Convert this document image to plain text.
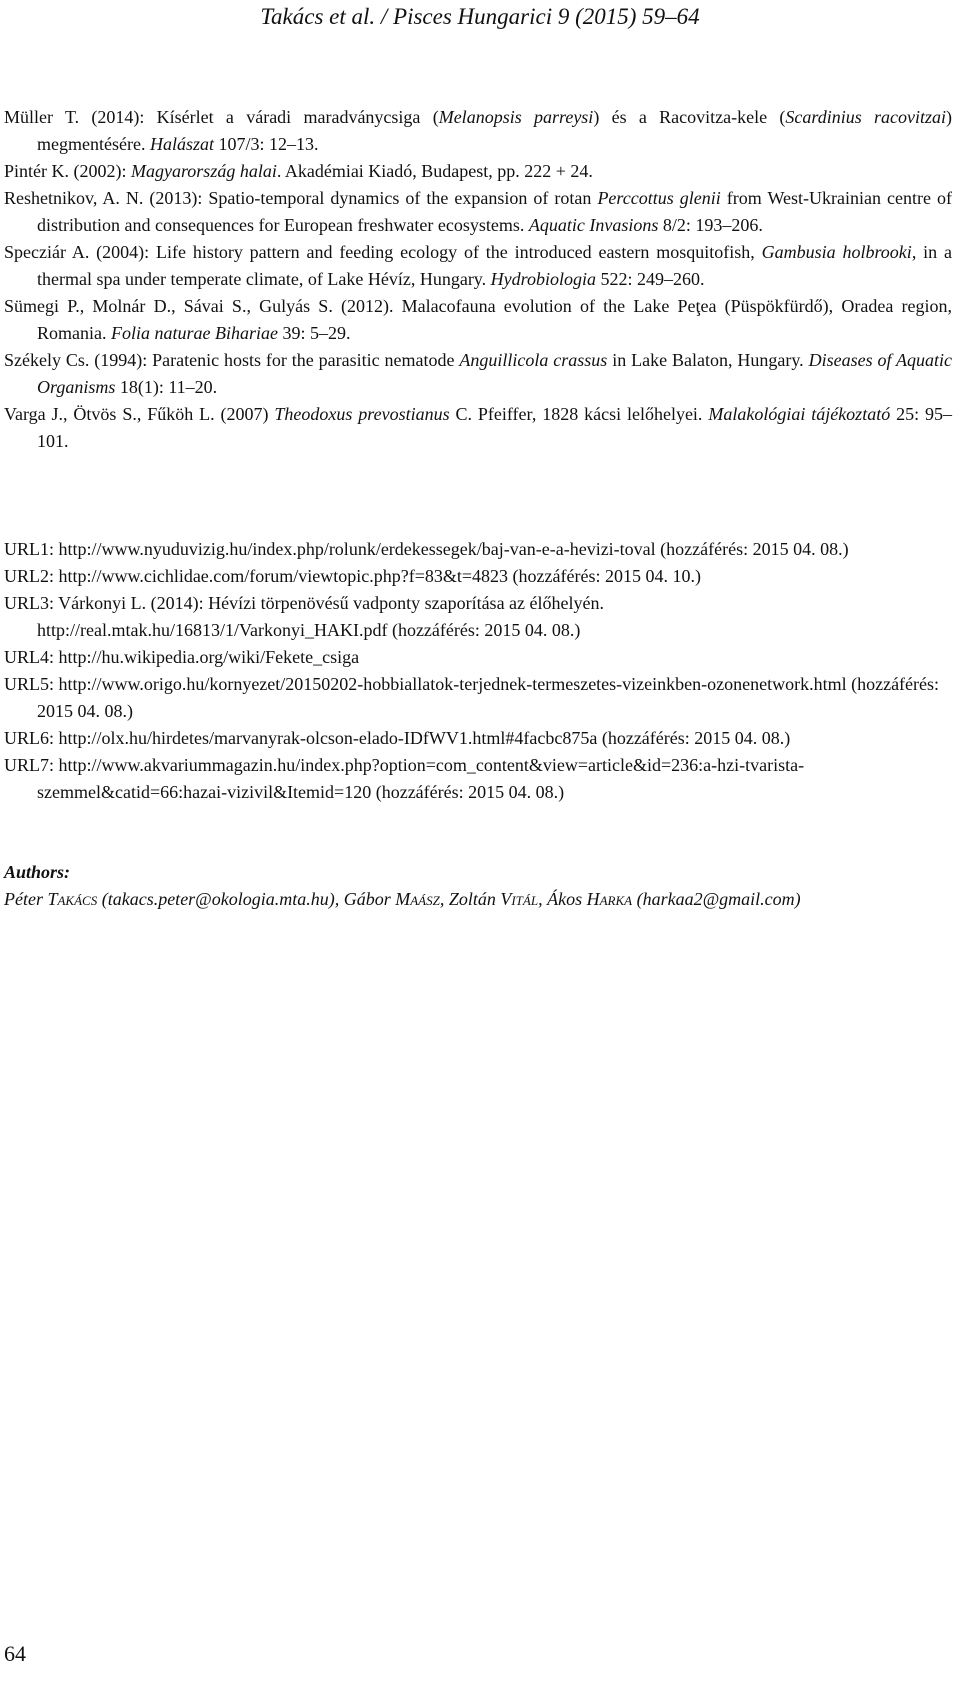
Takács et al. / Pisces Hungarici 9 (2015) 59–64

Müller T. (2014): Kísérlet a váradi maradványcsiga (Melanopsis parreysi) és a Racovitza-kele (Scardinius racovitzai) megmentésére. Halászat 107/3: 12–13.

Pintér K. (2002): Magyarország halai. Akadémiai Kiadó, Budapest, pp. 222 + 24.

Reshetnikov, A. N. (2013): Spatio-temporal dynamics of the expansion of rotan Perccottus glenii from West-Ukrainian centre of distribution and consequences for European freshwater ecosystems. Aquatic Invasions 8/2: 193–206.

Specziár A. (2004): Life history pattern and feeding ecology of the introduced eastern mosquitofish, Gambusia holbrooki, in a thermal spa under temperate climate, of Lake Hévíz, Hungary. Hydrobiologia 522: 249–260.

Sümegi P., Molnár D., Sávai S., Gulyás S. (2012). Malacofauna evolution of the Lake Peţea (Püspökfürdő), Oradea region, Romania. Folia naturae Bihariae 39: 5–29.

Székely Cs. (1994): Paratenic hosts for the parasitic nematode Anguillicola crassus in Lake Balaton, Hungary. Diseases of Aquatic Organisms 18(1): 11–20.

Varga J., Ötvös S., Fűköh L. (2007) Theodoxus prevostianus C. Pfeiffer, 1828 kácsi lelőhelyei. Malakológiai tájékoztató 25: 95–101.

URL1: http://www.nyuduvizig.hu/index.php/rolunk/erdekessegek/baj-van-e-a-hevizi-toval (hozzáférés: 2015 04. 08.)

URL2: http://www.cichlidae.com/forum/viewtopic.php?f=83&t=4823 (hozzáférés: 2015 04. 10.)

URL3: Várkonyi L. (2014): Hévízi törpenövésű vadponty szaporítása az élőhelyén. http://real.mtak.hu/16813/1/Varkonyi_HAKI.pdf (hozzáférés: 2015 04. 08.)

URL4: http://hu.wikipedia.org/wiki/Fekete_csiga

URL5: http://www.origo.hu/kornyezet/20150202-hobbiallatok-terjednek-termeszetes-vizeinkben-ozonenetwork.html (hozzáférés: 2015 04. 08.)

URL6: http://olx.hu/hirdetes/marvanyrak-olcson-elado-IDfWV1.html#4facbc875a (hozzáférés: 2015 04. 08.)

URL7: http://www.akvariummagazin.hu/index.php?option=com_content&view=article&id=236:a-hzi-tvarista-szemmel&catid=66:hazai-vizivil&Itemid=120 (hozzáférés: 2015 04. 08.)

Authors:

Péter Takács (takacs.peter@okologia.mta.hu), Gábor Maász, Zoltán Vitál, Ákos Harka (harkaa2@gmail.com)

64
